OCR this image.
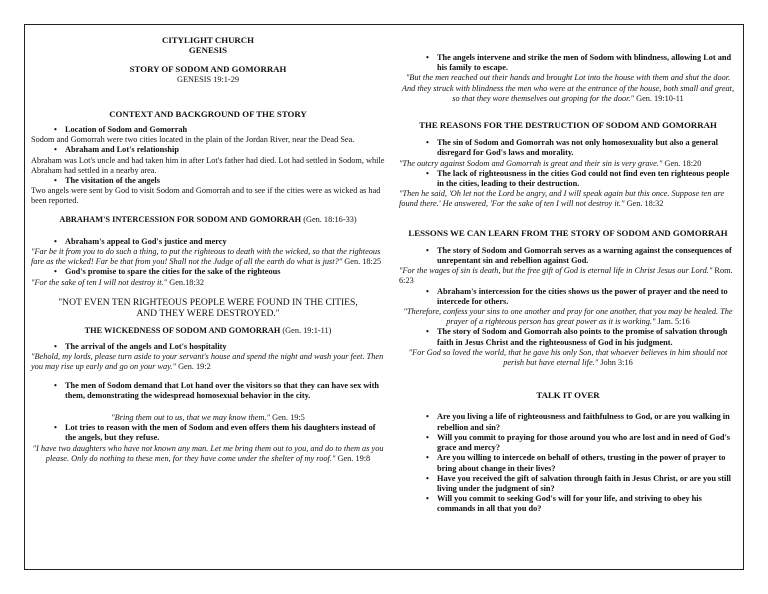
CITYLIGHT CHURCH
GENESIS
STORY OF SODOM AND GOMORRAH
GENESIS 19:1-29
CONTEXT AND BACKGROUND OF THE STORY
• Location of Sodom and Gomorrah
Sodom and Gomorrah were two cities located in the plain of the Jordan River, near the Dead Sea.
• Abraham and Lot's relationship
Abraham was Lot's uncle and had taken him in after Lot's father had died. Lot had settled in Sodom, while Abraham had settled in a nearby area.
• The visitation of the angels
Two angels were sent by God to visit Sodom and Gomorrah and to see if the cities were as wicked as had been reported.
ABRAHAM'S INTERCESSION FOR SODOM AND GOMORRAH (Gen. 18:16-33)
• Abraham's appeal to God's justice and mercy
"Far be it from you to do such a thing, to put the righteous to death with the wicked, so that the righteous fare as the wicked! Far be that from you! Shall not the Judge of all the earth do what is just?" Gen. 18:25
• God's promise to spare the cities for the sake of the righteous
"For the sake of ten I will not destroy it." Gen.18:32
"NOT EVEN TEN RIGHTEOUS PEOPLE WERE FOUND IN THE CITIES, AND THEY WERE DESTROYED."
THE WICKEDNESS OF SODOM AND GOMORRAH (Gen. 19:1-11)
• The arrival of the angels and Lot's hospitality
"Behold, my lords, please turn aside to your servant's house and spend the night and wash your feet. Then you may rise up early and go on your way." Gen. 19:2
• The men of Sodom demand that Lot hand over the visitors so that they can have sex with them, demonstrating the widespread homosexual behavior in the city.
"Bring them out to us, that we may know them." Gen. 19:5
• Lot tries to reason with the men of Sodom and even offers them his daughters instead of the angels, but they refuse.
"I have two daughters who have not known any man. Let me bring them out to you, and do to them as you please. Only do nothing to these men, for they have come under the shelter of my roof." Gen. 19:8
• The angels intervene and strike the men of Sodom with blindness, allowing Lot and his family to escape.
"But the men reached out their hands and brought Lot into the house with them and shut the door. And they struck with blindness the men who were at the entrance of the house, both small and great, so that they wore themselves out groping for the door." Gen. 19:10-11
THE REASONS FOR THE DESTRUCTION OF SODOM AND GOMORRAH
• The sin of Sodom and Gomorrah was not only homosexuality but also a general disregard for God's laws and morality.
"The outcry against Sodom and Gomorrah is great and their sin is very grave." Gen. 18:20
• The lack of righteousness in the cities God could not find even ten righteous people in the cities, leading to their destruction.
"Then he said, 'Oh let not the Lord be angry, and I will speak again but this once. Suppose ten are found there.' He answered, 'For the sake of ten I will not destroy it." Gen. 18:32
LESSONS WE CAN LEARN FROM THE STORY OF SODOM AND GOMORRAH
• The story of Sodom and Gomorrah serves as a warning against the consequences of unrepentant sin and rebellion against God.
"For the wages of sin is death, but the free gift of God is eternal life in Christ Jesus our Lord." Rom. 6:23
• Abraham's intercession for the cities shows us the power of prayer and the need to intercede for others.
"Therefore, confess your sins to one another and pray for one another, that you may be healed. The prayer of a righteous person has great power as it is working." Jam. 5:16
• The story of Sodom and Gomorrah also points to the promise of salvation through faith in Jesus Christ and the righteousness of God in his judgment.
"For God so loved the world, that he gave his only Son, that whoever believes in him should not perish but have eternal life." John 3:16
TALK IT OVER
• Are you living a life of righteousness and faithfulness to God, or are you walking in rebellion and sin?
• Will you commit to praying for those around you who are lost and in need of God's grace and mercy?
• Are you willing to intercede on behalf of others, trusting in the power of prayer to bring about change in their lives?
• Have you received the gift of salvation through faith in Jesus Christ, or are you still living under the judgment of sin?
• Will you commit to seeking God's will for your life, and striving to obey his commands in all that you do?
